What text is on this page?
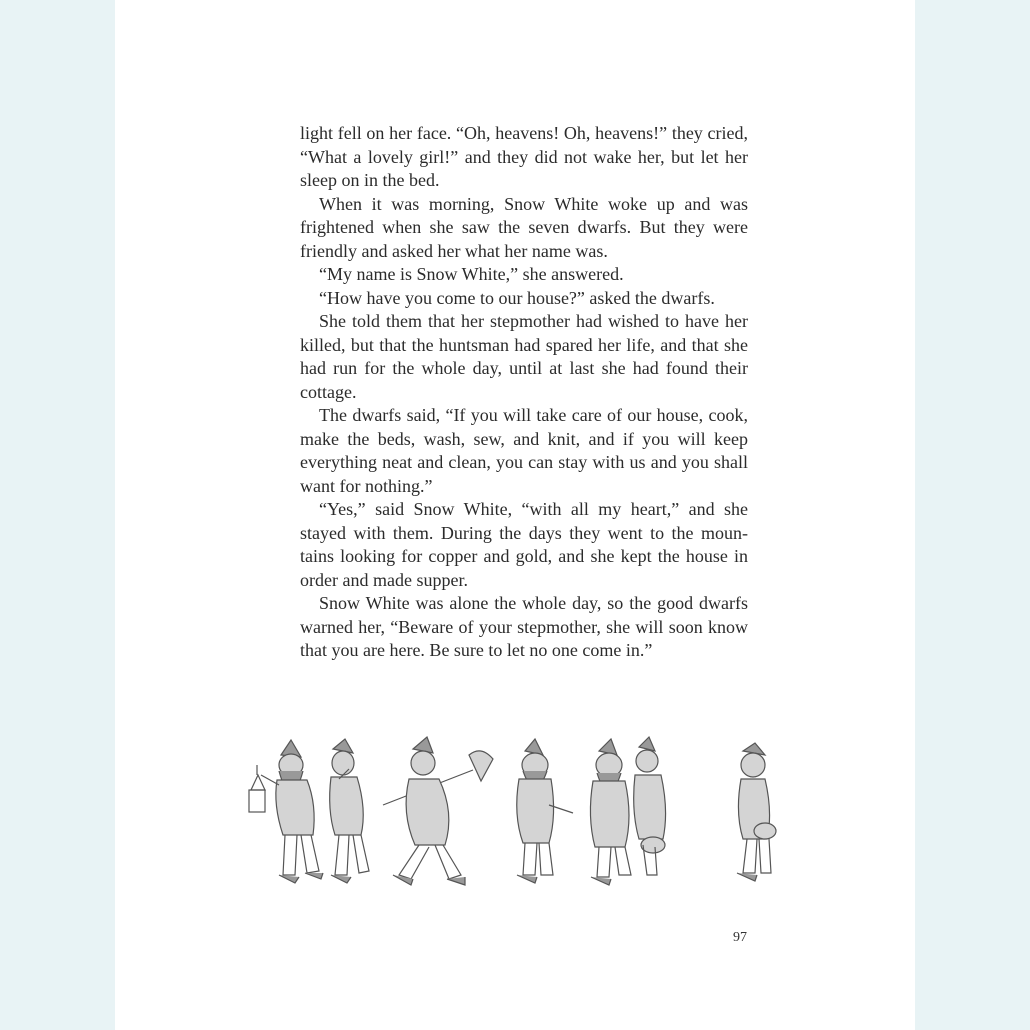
light fell on her face. “Oh, heavens! Oh, heavens!” they cried, “What a lovely girl!” and they did not wake her, but let her sleep on in the bed.

When it was morning, Snow White woke up and was frightened when she saw the seven dwarfs. But they were friendly and asked her what her name was.

“My name is Snow White,” she answered.

“How have you come to our house?” asked the dwarfs.

She told them that her stepmother had wished to have her killed, but that the huntsman had spared her life, and that she had run for the whole day, until at last she had found their cottage.

The dwarfs said, “If you will take care of our house, cook, make the beds, wash, sew, and knit, and if you will keep everything neat and clean, you can stay with us and you shall want for nothing.”

“Yes,” said Snow White, “with all my heart,” and she stayed with them. During the days they went to the moun-tains looking for copper and gold, and she kept the house in order and made supper.

Snow White was alone the whole day, so the good dwarfs warned her, “Beware of your stepmother, she will soon know that you are here. Be sure to let no one come in.”

97
